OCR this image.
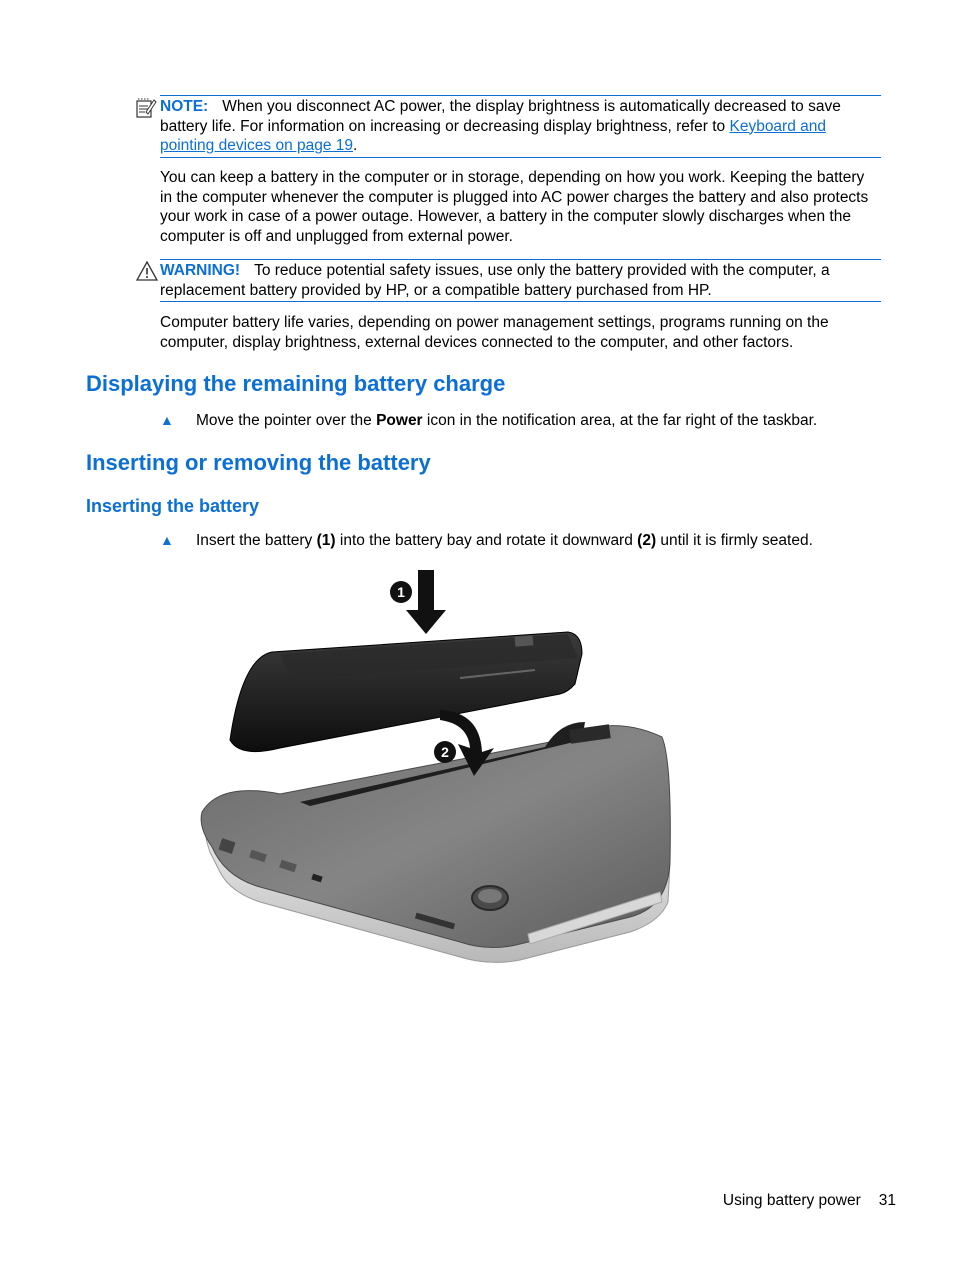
NOTE: When you disconnect AC power, the display brightness is automatically decreased to save battery life. For information on increasing or decreasing display brightness, refer to Keyboard and pointing devices on page 19.

You can keep a battery in the computer or in storage, depending on how you work. Keeping the battery in the computer whenever the computer is plugged into AC power charges the battery and also protects your work in case of a power outage. However, a battery in the computer slowly discharges when the computer is off and unplugged from external power.

WARNING! To reduce potential safety issues, use only the battery provided with the computer, a replacement battery provided by HP, or a compatible battery purchased from HP.

Computer battery life varies, depending on power management settings, programs running on the computer, display brightness, external devices connected to the computer, and other factors.

Displaying the remaining battery charge

▲ Move the pointer over the Power icon in the notification area, at the far right of the taskbar.

Inserting or removing the battery
Inserting the battery

▲ Insert the battery (1) into the battery bay and rotate it downward (2) until it is firmly seated.

1
2
Using battery power 31
